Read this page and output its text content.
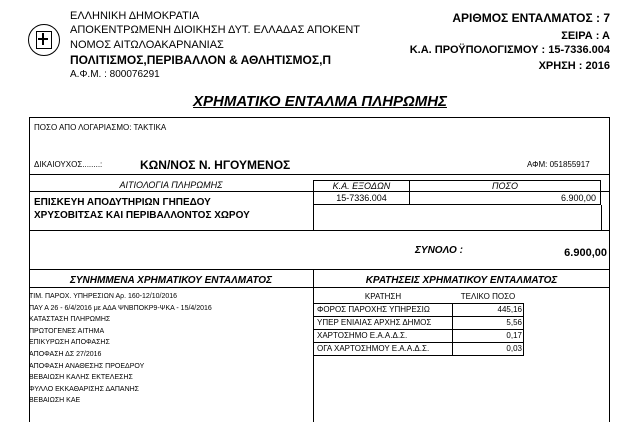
ΕΛΛΗΝΙΚΗ ΔΗΜΟΚΡΑΤΙΑ
ΑΠΟΚΕΝΤΡΩΜΕΝΗ ΔΙΟΙΚΗΣΗ ΔΥΤ. ΕΛΛΑΔΑΣ ΑΠΟΚΕΝΤ
ΝΟΜΟΣ ΑΙΤΩΛΟΑΚΑΡΝΑΝΙΑΣ
ΠΟΛΙΤΙΣΜΟΣ,ΠΕΡΙΒΑΛΛΟΝ & ΑΘΛΗΤΙΣΜΟΣ,Π
Α.Φ.Μ. : 800076291
ΑΡΙΘΜΟΣ ΕΝΤΑΛΜΑΤΟΣ : 7
ΣΕΙΡΑ : Α
Κ.Α. ΠΡΟΫΠΟΛΟΓΙΣΜΟΥ : 15-7336.004
ΧΡΗΣΗ : 2016
ΧΡΗΜΑΤΙΚΟ ΕΝΤΑΛΜΑ ΠΛΗΡΩΜΗΣ
ΠΟΣΟ ΑΠΟ ΛΟΓΑΡΙΑΣΜΟ: ΤΑΚΤΙΚΑ
ΔΙΚΑΙΟΥΧΟΣ........:	ΚΩΝ/ΝΟΣ Ν. ΗΓΟΥΜΕΝΟΣ	ΑΦΜ: 051855917
ΑΙΤΙΟΛΟΓΙΑ ΠΛΗΡΩΜΗΣ	Κ.Α. ΕΞΟΔΩΝ	ΠΟΣΟ
ΕΠΙΣΚΕΥΗ ΑΠΟΔΥΤΗΡΙΩΝ ΓΗΠΕΔΟΥ
ΧΡΥΣΟΒΙΤΣΑΣ ΚΑΙ ΠΕΡΙΒΑΛΛΟΝΤΟΣ ΧΩΡΟΥ
15-7336.004	6.900,00
ΣΥΝΟΛΟ :	6.900,00
ΣΥΝΗΜΜΕΝΑ ΧΡΗΜΑΤΙΚΟΥ ΕΝΤΑΛΜΑΤΟΣ
ΤΙΜ. ΠΑΡΟΧ. ΥΠΗΡΕΣΙΩΝ Αρ. 160-12/10/2016
ΠΑΥ Α 26 - 6/4/2016 με ΑΔΑ ΨΝΒΠΟΚΡ9-ΨΚΑ - 15/4/2016
ΚΑΤΑΣΤΑΣΗ ΠΛΗΡΩΜΗΣ
ΠΡΩΤΟΓΕΝΕΣ ΑΙΤΗΜΑ
ΕΠΙΚΥΡΩΣΗ ΑΠΟΦΑΣΗΣ
ΑΠΟΦΑΣΗ ΔΣ 27/2016
ΑΠΟΦΑΣΗ ΑΝΑΘΕΣΗΣ ΠΡΟΕΔΡΟΥ
ΒΕΒΑΙΩΣΗ ΚΑΛΗΣ ΕΚΤΕΛΕΣΗΣ
ΦΥΛΛΟ ΕΚΚΑΘΑΡΙΣΗΣ ΔΑΠΑΝΗΣ
ΒΕΒΑΙΩΣΗ ΚΑΕ
ΚΡΑΤΗΣΕΙΣ ΧΡΗΜΑΤΙΚΟΥ ΕΝΤΑΛΜΑΤΟΣ
ΚΡΑΤΗΣΗ	ΤΕΛΙΚΟ ΠΟΣΟ
ΦΟΡΟΣ ΠΑΡΟΧΗΣ ΥΠΗΡΕΣΙΩ	445,16
ΥΠΕΡ ΕΝΙΑΙΑΣ ΑΡΧΗΣ ΔΗΜΟΣ	5,56
ΧΑΡΤΟΣΗΜΟ Ε.Α.Α.Δ.Σ.	0,17
ΟΓΑ ΧΑΡΤΟΣΗΜΟΥ Ε.Α.Α.Δ.Σ.	0,03
